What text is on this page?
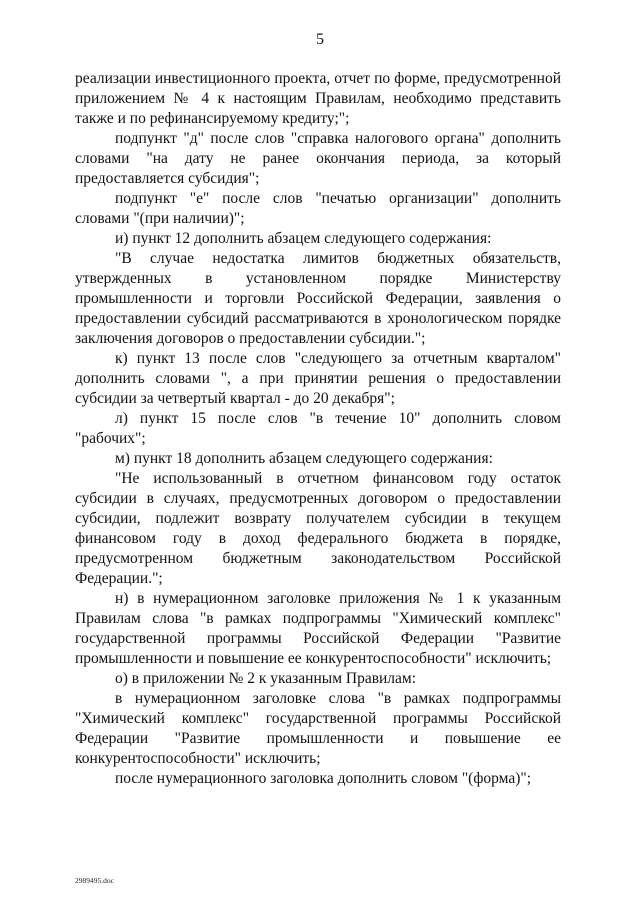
5

реализации инвестиционного проекта, отчет по форме, предусмотренной приложением № 4 к настоящим Правилам, необходимо представить также и по рефинансируемому кредиту;";

подпункт "д" после слов "справка налогового органа" дополнить словами "на дату не ранее окончания периода, за который предоставляется субсидия";

подпункт "е" после слов "печатью организации" дополнить словами "(при наличии)";

и) пункт 12 дополнить абзацем следующего содержания:

"В случае недостатка лимитов бюджетных обязательств, утвержденных в установленном порядке Министерству промышленности и торговли Российской Федерации, заявления о предоставлении субсидий рассматриваются в хронологическом порядке заключения договоров о предоставлении субсидии.";

к) пункт 13 после слов "следующего за отчетным кварталом" дополнить словами ", а при принятии решения о предоставлении субсидии за четвертый квартал - до 20 декабря";

л) пункт 15 после слов "в течение 10" дополнить словом "рабочих";

м) пункт 18 дополнить абзацем следующего содержания:

"Не использованный в отчетном финансовом году остаток субсидии в случаях, предусмотренных договором о предоставлении субсидии, подлежит возврату получателем субсидии в текущем финансовом году в доход федерального бюджета в порядке, предусмотренном бюджетным законодательством Российской Федерации.";

н) в нумерационном заголовке приложения № 1 к указанным Правилам слова "в рамках подпрограммы "Химический комплекс" государственной программы Российской Федерации "Развитие промышленности и повышение ее конкурентоспособности" исключить;

о) в приложении № 2 к указанным Правилам:

в нумерационном заголовке слова "в рамках подпрограммы "Химический комплекс" государственной программы Российской Федерации "Развитие промышленности и повышение ее конкурентоспособности" исключить;

после нумерационного заголовка дополнить словом "(форма)";

2989495.doc
